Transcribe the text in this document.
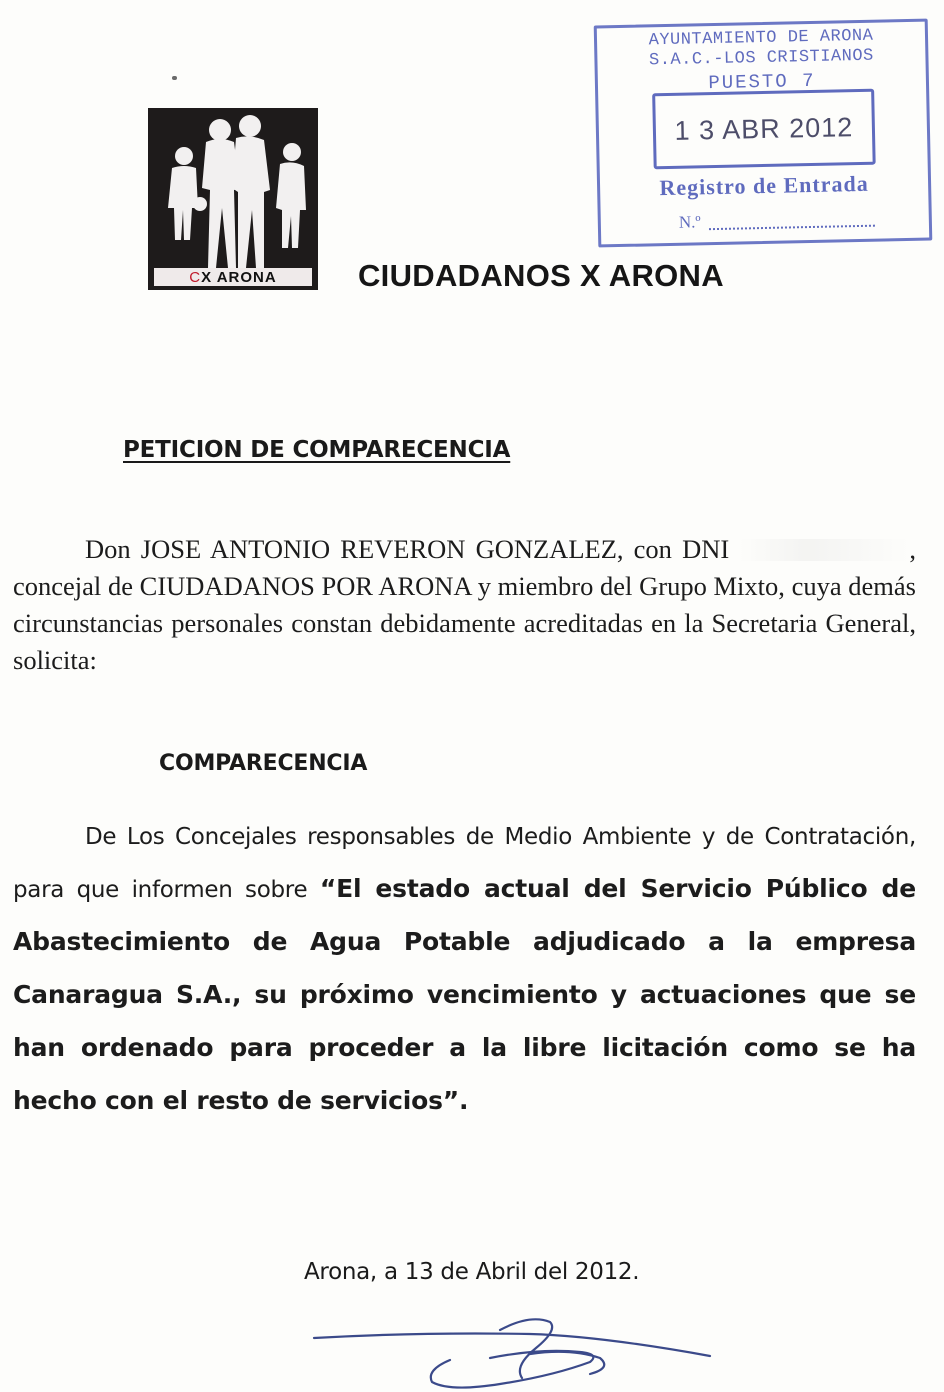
C X ARONA	CIUDADANOS X ARONA
AYUNTAMIENTO DE ARONA
S.A.C.-LOS CRISTIANOS
PUESTO 7
1 3 ABR 2012
Registro de Entrada
N.º
PETICION DE COMPARECENCIA
Don JOSE ANTONIO REVERON GONZALEZ, con DNI	, concejal de CIUDADANOS POR ARONA y miembro del Grupo Mixto, cuya demás circunstancias personales constan debidamente acreditadas en la Secretaria General, solicita:
COMPARECENCIA
De Los Concejales responsables de Medio Ambiente y de Contratación, para que informen sobre “El estado actual del Servicio Público de Abastecimiento de Agua Potable adjudicado a la empresa Canaragua S.A., su próximo vencimiento y actuaciones que se han ordenado para proceder a la libre licitación como se ha hecho con el resto de servicios”.
Arona, a 13 de Abril del 2012.
